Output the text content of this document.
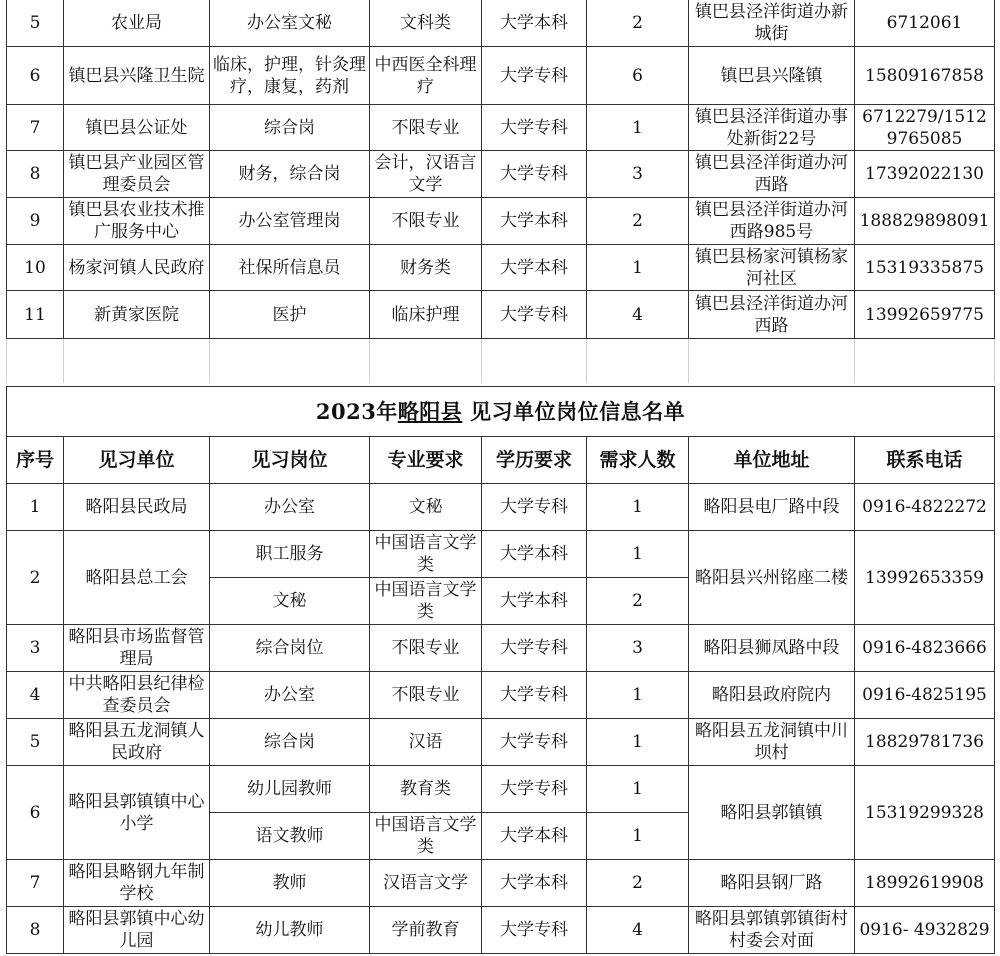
5	农业局	办公室文秘	文科类	大学本科	2	镇巴县泾洋街道办新城街	6712061
6	镇巴县兴隆卫生院	临床，护理，针灸理疗，康复，药剂	中西医全科理疗	大学专科	6	镇巴县兴隆镇	15809167858
7	镇巴县公证处	综合岗	不限专业	大学专科	1	镇巴县泾洋街道办事处新街22号	6712279/15129765085
8	镇巴县产业园区管理委员会	财务，综合岗	会计，汉语言文学	大学专科	3	镇巴县泾洋街道办河西路	17392022130
9	镇巴县农业技术推广服务中心	办公室管理岗	不限专业	大学本科	2	镇巴县泾洋街道办河西路985号	188829898091
10	杨家河镇人民政府	社保所信息员	财务类	大学本科	1	镇巴县杨家河镇杨家河社区	15319335875
11	新黄家医院	医护	临床护理	大学专科	4	镇巴县泾洋街道办河西路	13992659775

2023年略阳县 见习单位岗位信息名单							
序号	见习单位	见习岗位	专业要求	学历要求	需求人数	单位地址	联系电话
1	略阳县民政局	办公室	文秘	大学专科	1	略阳县电厂路中段	0916-4822272
2	略阳县总工会	职工服务	中国语言文学类	大学本科	1	略阳县兴州铭座二楼	13992653359
		文秘	中国语言文学类	大学本科	2		
3	略阳县市场监督管理局	综合岗位	不限专业	大学专科	3	略阳县狮凤路中段	0916-4823666
4	中共略阳县纪律检查委员会	办公室	不限专业	大学专科	1	略阳县政府院内	0916-4825195
5	略阳县五龙洞镇人民政府	综合岗	汉语	大学专科	1	略阳县五龙洞镇中川坝村	18829781736
6	略阳县郭镇镇中心小学	幼儿园教师	教育类	大学专科	1	略阳县郭镇镇	15319299328
		语文教师	中国语言文学类	大学本科	1		
7	略阳县略钢九年制学校	教师	汉语言文学	大学本科	2	略阳县钢厂路	18992619908
8	略阳县郭镇中心幼儿园	幼儿教师	学前教育	大学专科	4	略阳县郭镇郭镇街村村委会对面	0916- 4932829
